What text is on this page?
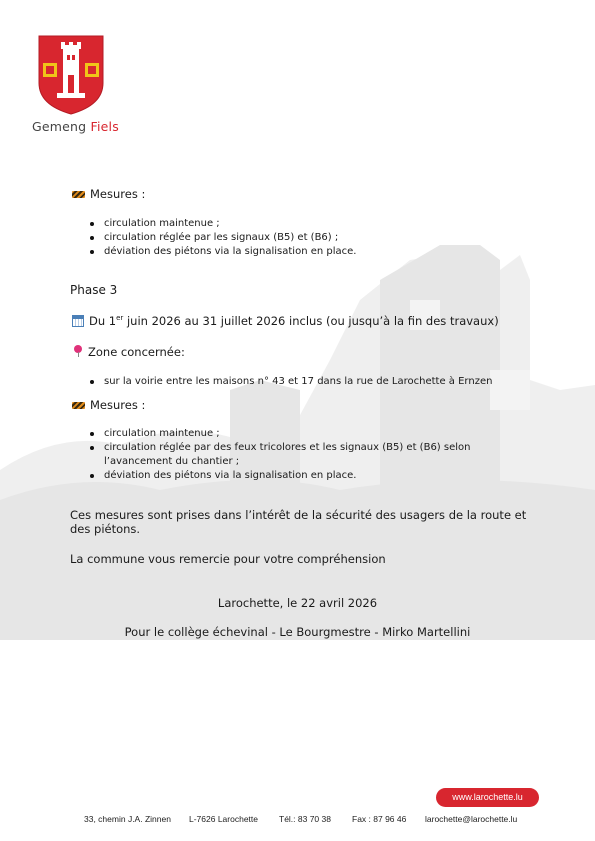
Gemeng Fiels
Mesures :
circulation maintenue ;
circulation réglée par les signaux (B5) et (B6) ;
déviation des piétons via la signalisation en place.
Phase 3
Du 1er juin 2026 au 31 juillet 2026 inclus (ou jusqu’à la fin des travaux)
Zone concernée:
sur la voirie entre les maisons n° 43 et 17 dans la rue de Larochette à Ernzen
Mesures :
circulation maintenue ;
circulation réglée par des feux tricolores et les signaux (B5) et (B6) selon l’avancement du chantier ;
déviation des piétons via la signalisation en place.
Ces mesures sont prises dans l’intérêt de la sécurité des usagers de la route et des piétons.
La commune vous remercie pour votre compréhension
Larochette, le 22 avril 2026
Pour le collège échevinal - Le Bourgmestre - Mirko Martellini
www.larochette.lu
33, chemin J.A. Zinnen L-7626 Larochette Tél.: 83 70 38 Fax : 87 96 46 larochette@larochette.lu
